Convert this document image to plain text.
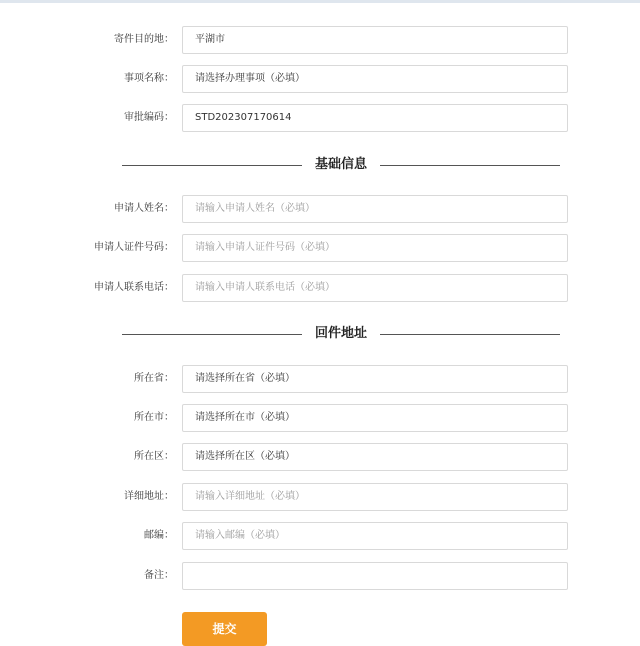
寄件目的地： 平湖市
事项名称： 请选择办理事项（必填）
审批编码： STD202307170614
基础信息
申请人姓名： 请输入申请人姓名（必填）
申请人证件号码： 请输入申请人证件号码（必填）
申请人联系电话： 请输入申请人联系电话（必填）
回件地址
所在省： 请选择所在省（必填）
所在市： 请选择所在市（必填）
所在区： 请选择所在区（必填）
详细地址： 请输入详细地址（必填）
邮编： 请输入邮编（必填）
备注：
提交
